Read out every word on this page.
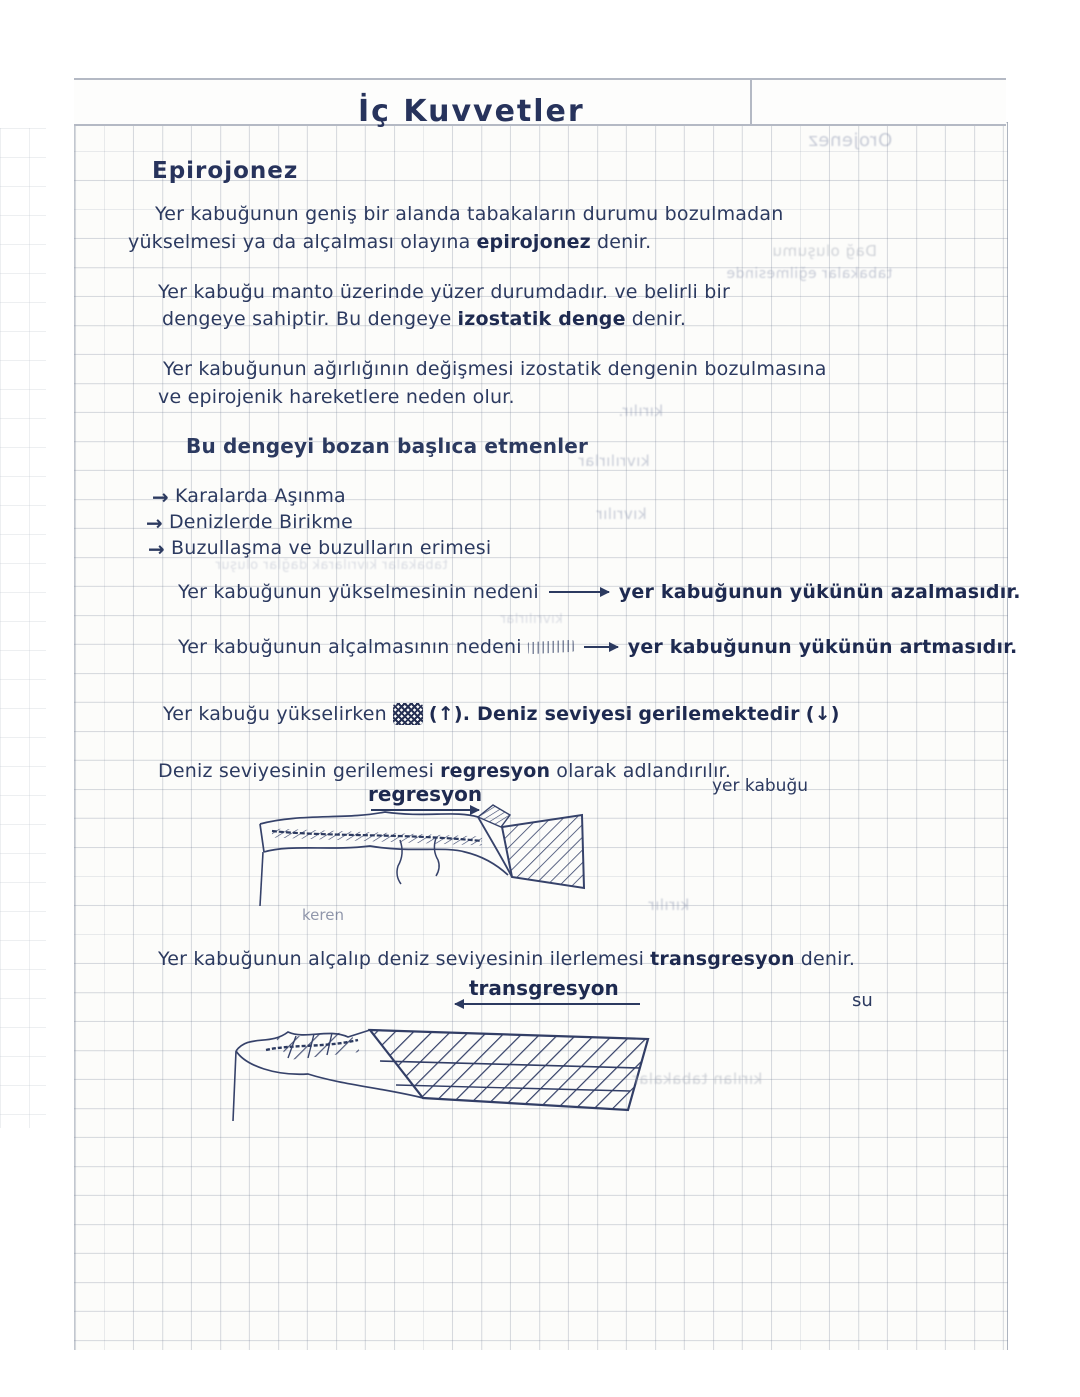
İç Kuvvetler
Epirojonez
Yer kabuğunun geniş bir alanda tabakaların durumu bozulmadan
yükselmesi ya da alçalması olayına epirojonez denir.
Yer kabuğu manto üzerinde yüzer durumdadır. ve belirli bir
dengeye sahiptir. Bu dengeye izostatik denge denir.
Yer kabuğunun ağırlığının değişmesi izostatik dengenin bozulmasına
ve epirojenik hareketlere neden olur.
Bu dengeyi bozan başlıca etmenler
→ Karalarda Aşınma
→ Denizlerde Birikme
→ Buzullaşma ve buzulların erimesi
Yer kabuğunun yükselmesinin nedeni	yer kabuğunun yükünün azalmasıdır.
Yer kabuğunun alçalmasının nedeni	yer kabuğunun yükünün artmasıdır.
Yer kabuğu yükselirken (↑). Deniz seviyesi gerilemektedir (↓)
Deniz seviyesinin gerilemesi regresyon olarak adlandırılır.
regresyon	yer kabuğu
keren
Yer kabuğunun alçalıp deniz seviyesinin ilerlemesi transgresyon denir.
transgresyon
su
Orojenez
Dağ oluşumu
tabakalar eğilmesinde
kırılır.
kıvrılırlar
kıvrılır
tabakalar kıvrılarak dağlar oluşur
kırılır
kırılan tabakalar
kıvrılırlar
